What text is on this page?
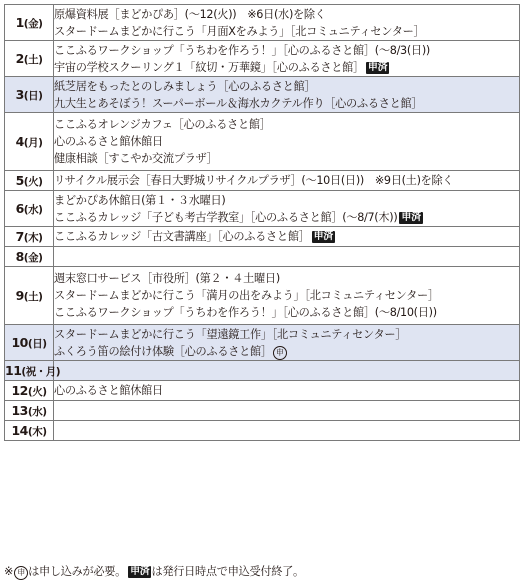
1(金)	原爆資料展［まどかぴあ］(～12(火))　※6日(水)を除く
スタードームまどかに行こう「月面Xをみよう」［北コミュニティセンター］

2(土)	ここふるワークショップ「うちわを作ろう！」［心のふるさと館］(～8/3(日))
宇宙の学校スクーリング１「紋切・万華鏡」［心のふるさと館］ 申済

3(日)	紙芝居をもったとのしみましょう［心のふるさと館］
九大生とあそぼう！スーパーボール＆海水カクテル作り［心のふるさと館］

4(月)	ここふるオレンジカフェ［心のふるさと館］
心のふるさと館休館日
健康相談［すこやか交流プラザ］

5(火)	リサイクル展示会［春日大野城リサイクルプラザ］(～10日(日))　※9日(土)を除く

6(水)	まどかぴあ休館日(第１・３水曜日)
ここふるカレッジ「子ども考古学教室」［心のふるさと館］(～8/7(木)) 申済

7(木)	ここふるカレッジ「古文書講座」［心のふるさと館］ 申済

8(金)	
9(土)	週末窓口サービス［市役所］(第２・４土曜日)
スタードームまどかに行こう「満月の出をみよう」［北コミュニティセンター］
ここふるワークショップ「うちわを作ろう！」［心のふるさと館］(～8/10(日))

10(日)	スタードームまどかに行こう「望遠鏡工作」［北コミュニティセンター］
ふくろう笛の絵付け体験［心のふるさと館］ 申

11(祝・月)	
12(火)	心のふるさと館休館日

13(水)	
14(木)	
※ 申 は申し込みが必要。 申済 は発行日時点で申込受付終了。
